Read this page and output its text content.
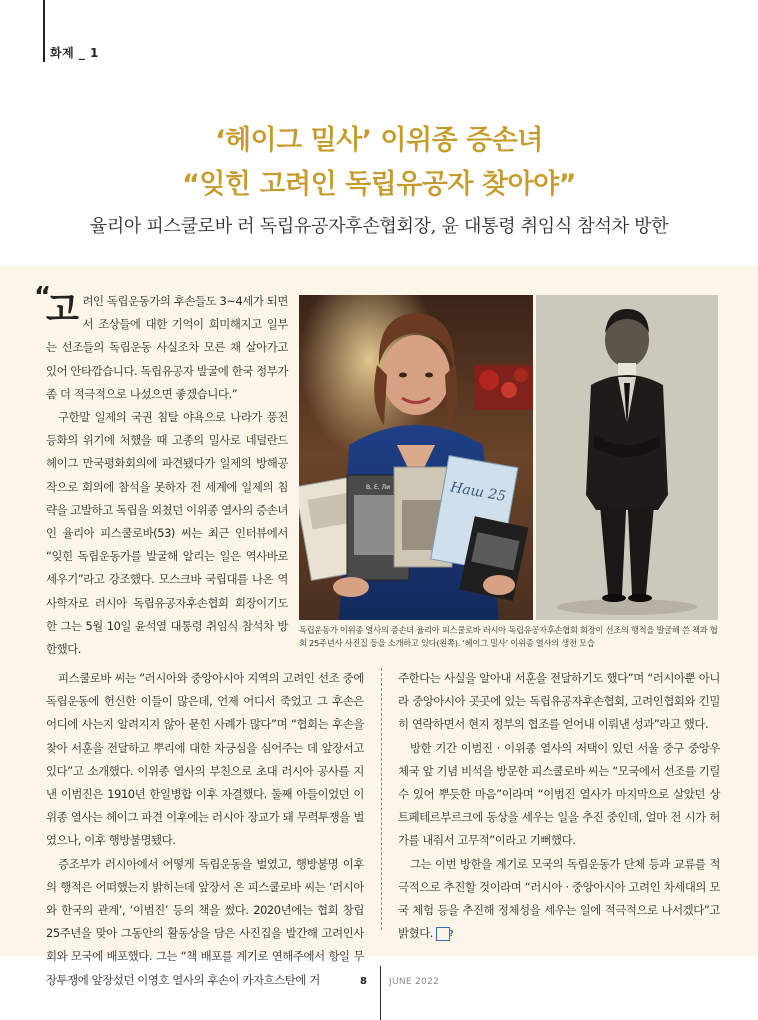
화제 _ 1
‘헤이그 밀사’ 이위종 증손녀
“잊힌 고려인 독립유공자 찾아야”
율리아 피스쿨로바 러 독립유공자후손협회장, 윤 대통령 취임식 참석차 방한

“
고 려인 독립운동가의 후손들도 3~4세가 되면서 조상들에 대한 기억이 희미해지고 일부는 선조들의 독립운동 사실조차 모른 채 살아가고 있어 안타깝습니다. 독립유공자 발굴에 한국 정부가 좀 더 적극적으로 나섰으면 좋겠습니다.”

구한말 일제의 국권 침탈 야욕으로 나라가 풍전등화의 위기에 처했을 때 고종의 밀사로 네덜란드 헤이그 만국평화회의에 파견됐다가 일제의 방해공작으로 회의에 참석을 못하자 전 세계에 일제의 침략을 고발하고 독립을 외쳤던 이위종 열사의 증손녀인 율리아 피스쿨로바(53) 씨는 최근 인터뷰에서 “잊힌 독립운동가를 발굴해 알리는 일은 역사바로세우기”라고 강조했다. 모스크바 국립대를 나온 역사학자로 러시아 독립유공자후손협회 회장이기도 한 그는 5월 10일 윤석열 대통령 취임식 참석차 방한했다.

В. Е. Ли	Наш 25
독립운동가 이위종 열사의 증손녀 율리아 피스쿨로바 러시아 독립유공자후손협회 회장이 선조의 행적을 발굴해 쓴 책과 협회 25주년사 사진집 등을 소개하고 있다(왼쪽). ‘헤이그 밀사’ 이위종 열사의 생전 모습

피스쿨로바 씨는 “러시아와 중앙아시아 지역의 고려인 선조 중에 독립운동에 헌신한 이들이 많은데, 언제 어디서 죽었고 그 후손은 어디에 사는지 알려지지 않아 묻힌 사례가 많다”며 “협회는 후손을 찾아 서훈을 전달하고 뿌리에 대한 자긍심을 심어주는 데 앞장서고 있다”고 소개했다. 이위종 열사의 부친으로 초대 러시아 공사를 지낸 이범진은 1910년 한일병합 이후 자결했다. 둘째 아들이었던 이위종 열사는 헤이그 파견 이후에는 러시아 장교가 돼 무력투쟁을 벌였으나, 이후 행방불명됐다.

증조부가 러시아에서 어떻게 독립운동을 벌였고, 행방불명 이후의 행적은 어떠했는지 밝히는데 앞장서 온 피스쿨로바 씨는 ‘러시아와 한국의 관계’, ‘이범진’ 등의 책을 썼다. 2020년에는 협회 창립 25주년을 맞아 그동안의 활동상을 담은 사진집을 발간해 고려인사회와 모국에 배포했다. 그는 “책 배포를 계기로 연해주에서 항일 무장투쟁에 앞장섰던 이영호 열사의 후손이 카자흐스탄에 거

주한다는 사실을 알아내 서훈을 전달하기도 했다”며 “러시아뿐 아니라 중앙아시아 곳곳에 있는 독립유공자후손협회, 고려인협회와 긴밀히 연락하면서 현지 정부의 협조를 얻어내 이뤄낸 성과”라고 했다.

방한 기간 이범진 · 이위종 열사의 저택이 있던 서울 중구 중앙우체국 앞 기념 비석을 방문한 피스쿨로바 씨는 “모국에서 선조를 기릴 수 있어 뿌듯한 마음”이라며 “이범진 열사가 마지막으로 살았던 상트페테르부르크에 동상을 세우는 일을 추진 중인데, 얼마 전 시가 허가를 내줘서 고무적”이라고 기뻐했다.

그는 이번 방한을 계기로 모국의 독립운동가 단체 등과 교류를 적극적으로 추진할 것이라며 “러시아 · 중앙아시아 고려인 차세대의 모국 체험 등을 추진해 정체성을 세우는 일에 적극적으로 나서겠다”고 밝혔다. ?

8 JUNE 2022
